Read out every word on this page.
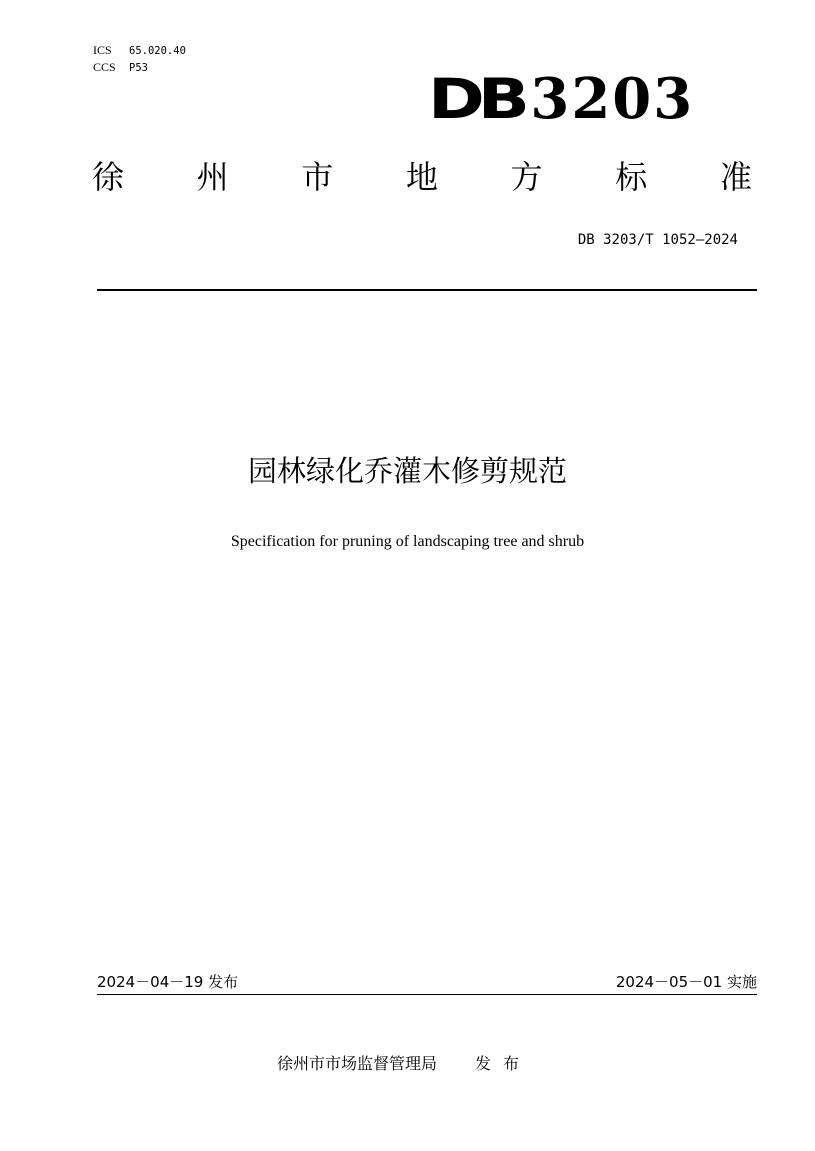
ICS	65.020.40
CCS	P53	DB 3203
徐 州 市 地 方 标 准
DB 3203/T 1052—2024
园林绿化乔灌木修剪规范
Specification for pruning of landscaping tree and shrub
2024－04－19 发布	2024－05－01 实施
徐州市市场监督管理局 发布
